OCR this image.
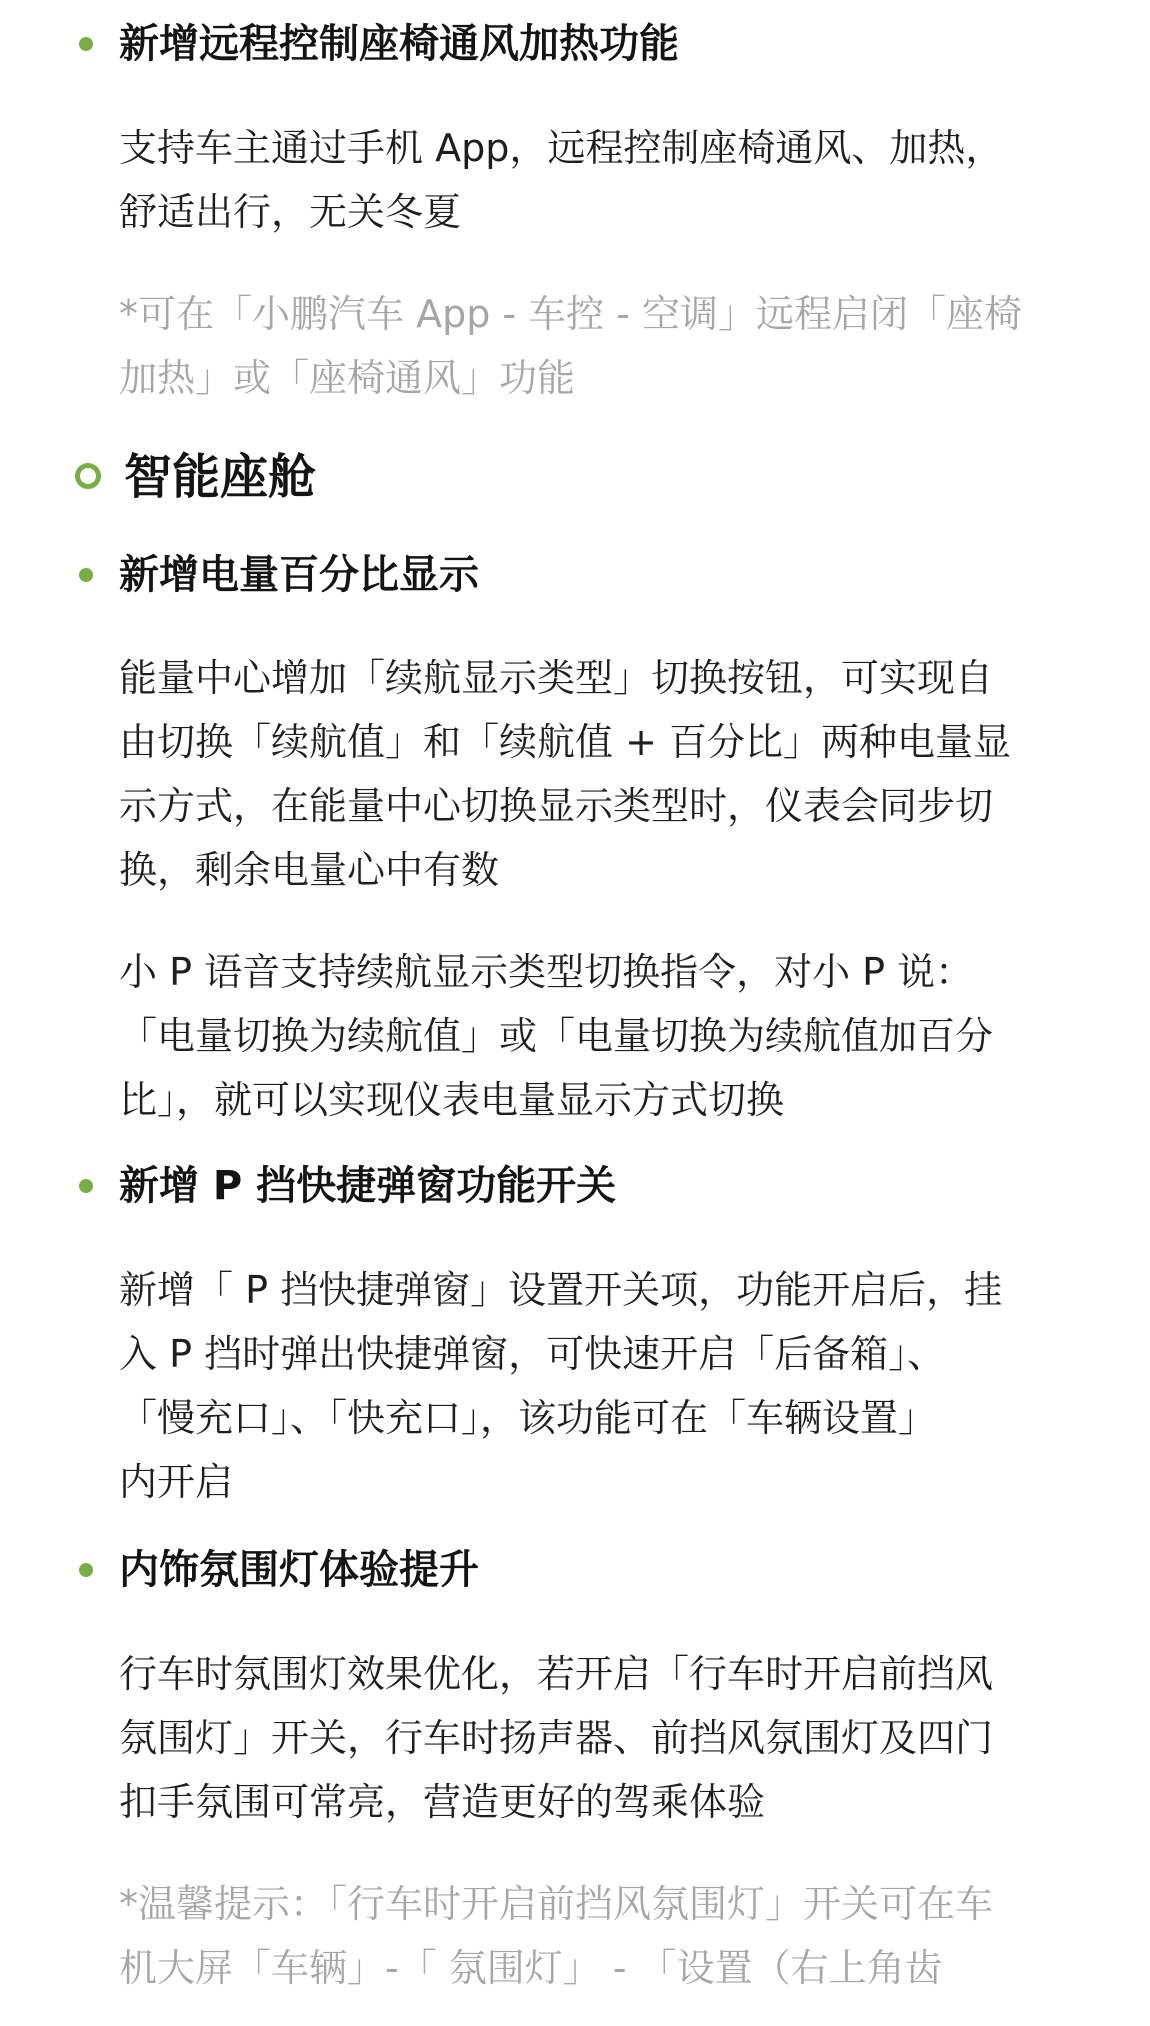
新增远程控制座椅通风加热功能
支持车主通过手机 App，远程控制座椅通风、加热，
舒适出行，无关冬夏
*可在「小鹏汽车 App - 车控 - 空调」远程启闭「座椅
加热」或「座椅通风」功能
智能座舱
新增电量百分比显示
能量中心增加「续航显示类型」切换按钮，可实现自
由切换「续航值」和「续航值 + 百分比」两种电量显
示方式，在能量中心切换显示类型时，仪表会同步切
换，剩余电量心中有数
小 P 语音支持续航显示类型切换指令，对小 P 说：
「电量切换为续航值」或「电量切换为续航值加百分
比」，就可以实现仪表电量显示方式切换
新增 P 挡快捷弹窗功能开关
新增「 P 挡快捷弹窗」设置开关项，功能开启后，挂
入 P 挡时弹出快捷弹窗，可快速开启「后备箱」、
「慢充口」、「快充口」，该功能可在「车辆设置」
内开启
内饰氛围灯体验提升
行车时氛围灯效果优化，若开启「行车时开启前挡风
氛围灯」开关，行车时扬声器、前挡风氛围灯及四门
扣手氛围可常亮，营造更好的驾乘体验
*温馨提示：「行车时开启前挡风氛围灯」开关可在车
机大屏「车辆」-「 氛围灯」 - 「设置（右上角齿
